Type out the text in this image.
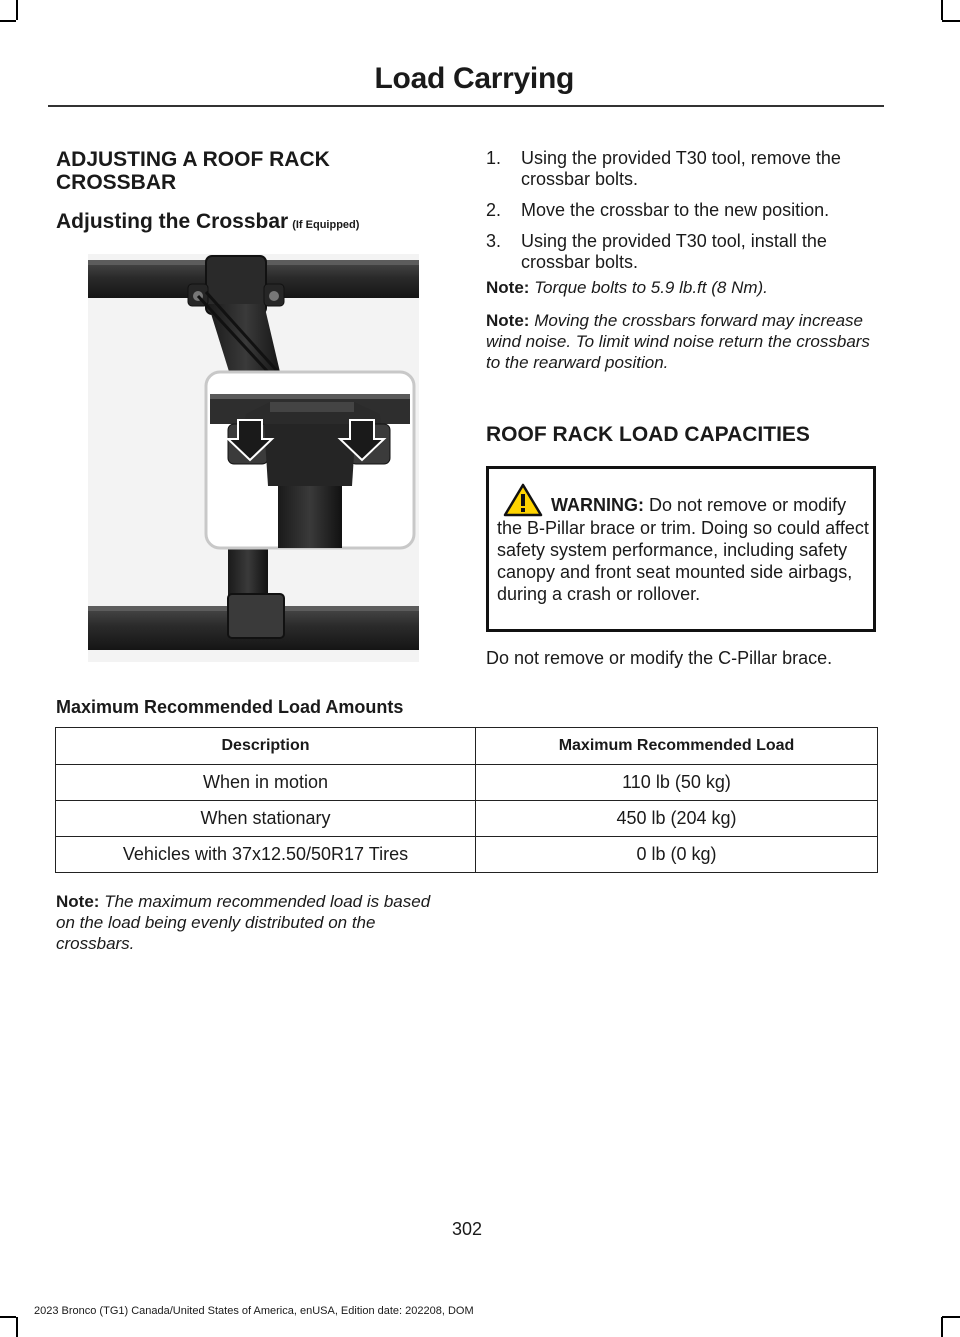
Load Carrying
ADJUSTING A ROOF RACK CROSSBAR
Adjusting the Crossbar (If Equipped)
1. Using the provided T30 tool, remove the crossbar bolts.
2. Move the crossbar to the new position.
3. Using the provided T30 tool, install the crossbar bolts.
Note: Torque bolts to 5.9 lb.ft (8 Nm).
Note: Moving the crossbars forward may increase wind noise. To limit wind noise return the crossbars to the rearward position.
ROOF RACK LOAD CAPACITIES
WARNING: Do not remove or modify the B-Pillar brace or trim. Doing so could affect safety system performance, including safety canopy and front seat mounted side airbags, during a crash or rollover.
Do not remove or modify the C-Pillar brace.
Maximum Recommended Load Amounts
Description	Maximum Recommended Load
When in motion	110 lb (50 kg)
When stationary	450 lb (204 kg)
Vehicles with 37x12.50/50R17 Tires	0 lb (0 kg)
Note: The maximum recommended load is based on the load being evenly distributed on the crossbars.
302
2023 Bronco (TG1) Canada/United States of America, enUSA, Edition date: 202208, DOM
